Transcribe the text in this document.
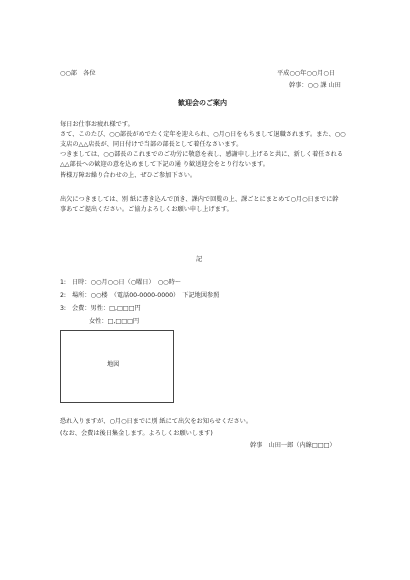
○○部　各位	平成○○年○○月○日
幹事：○○ 課 山田
歓迎会のご案内
毎日お仕事お疲れ様です。
さて、このたび、○○部長がめでたく定年を迎えられ、○月○日をもちまして退職されます。また、○○
支店の△△店長が、同日付けで当部の部長として着任なさいます。
つきましては、○○部長のこれまでのご功労に敬意を表し、感謝申し上げると共に、新しく着任される
△△部長への歓迎の意を込めまして下記の通 り歓送迎会をとり行ないます。
皆様万障お繰り合わせの上、ぜひご参加下さい。
出欠につきましては、別 紙に書き込んで頂き、課内で回覧の上、課ごとにまとめて○月○日までに幹
事あてご提出ください。ご協力よろしくお願い申し上げます。
記
1: 日時：○○月○○日（○曜日）　○○時～
2: 場所：○○楼　（電話00-0000-0000）　下記地図参照
3: 会費：男性：□,□□□円
女性：□,□□□円
地図
恐れ入りますが、○月○日までに別 紙にて出欠をお知らせください。
(なお、会費は後日集金します。よろしくお願いします)
幹事　山田一郎（内線□□□）
